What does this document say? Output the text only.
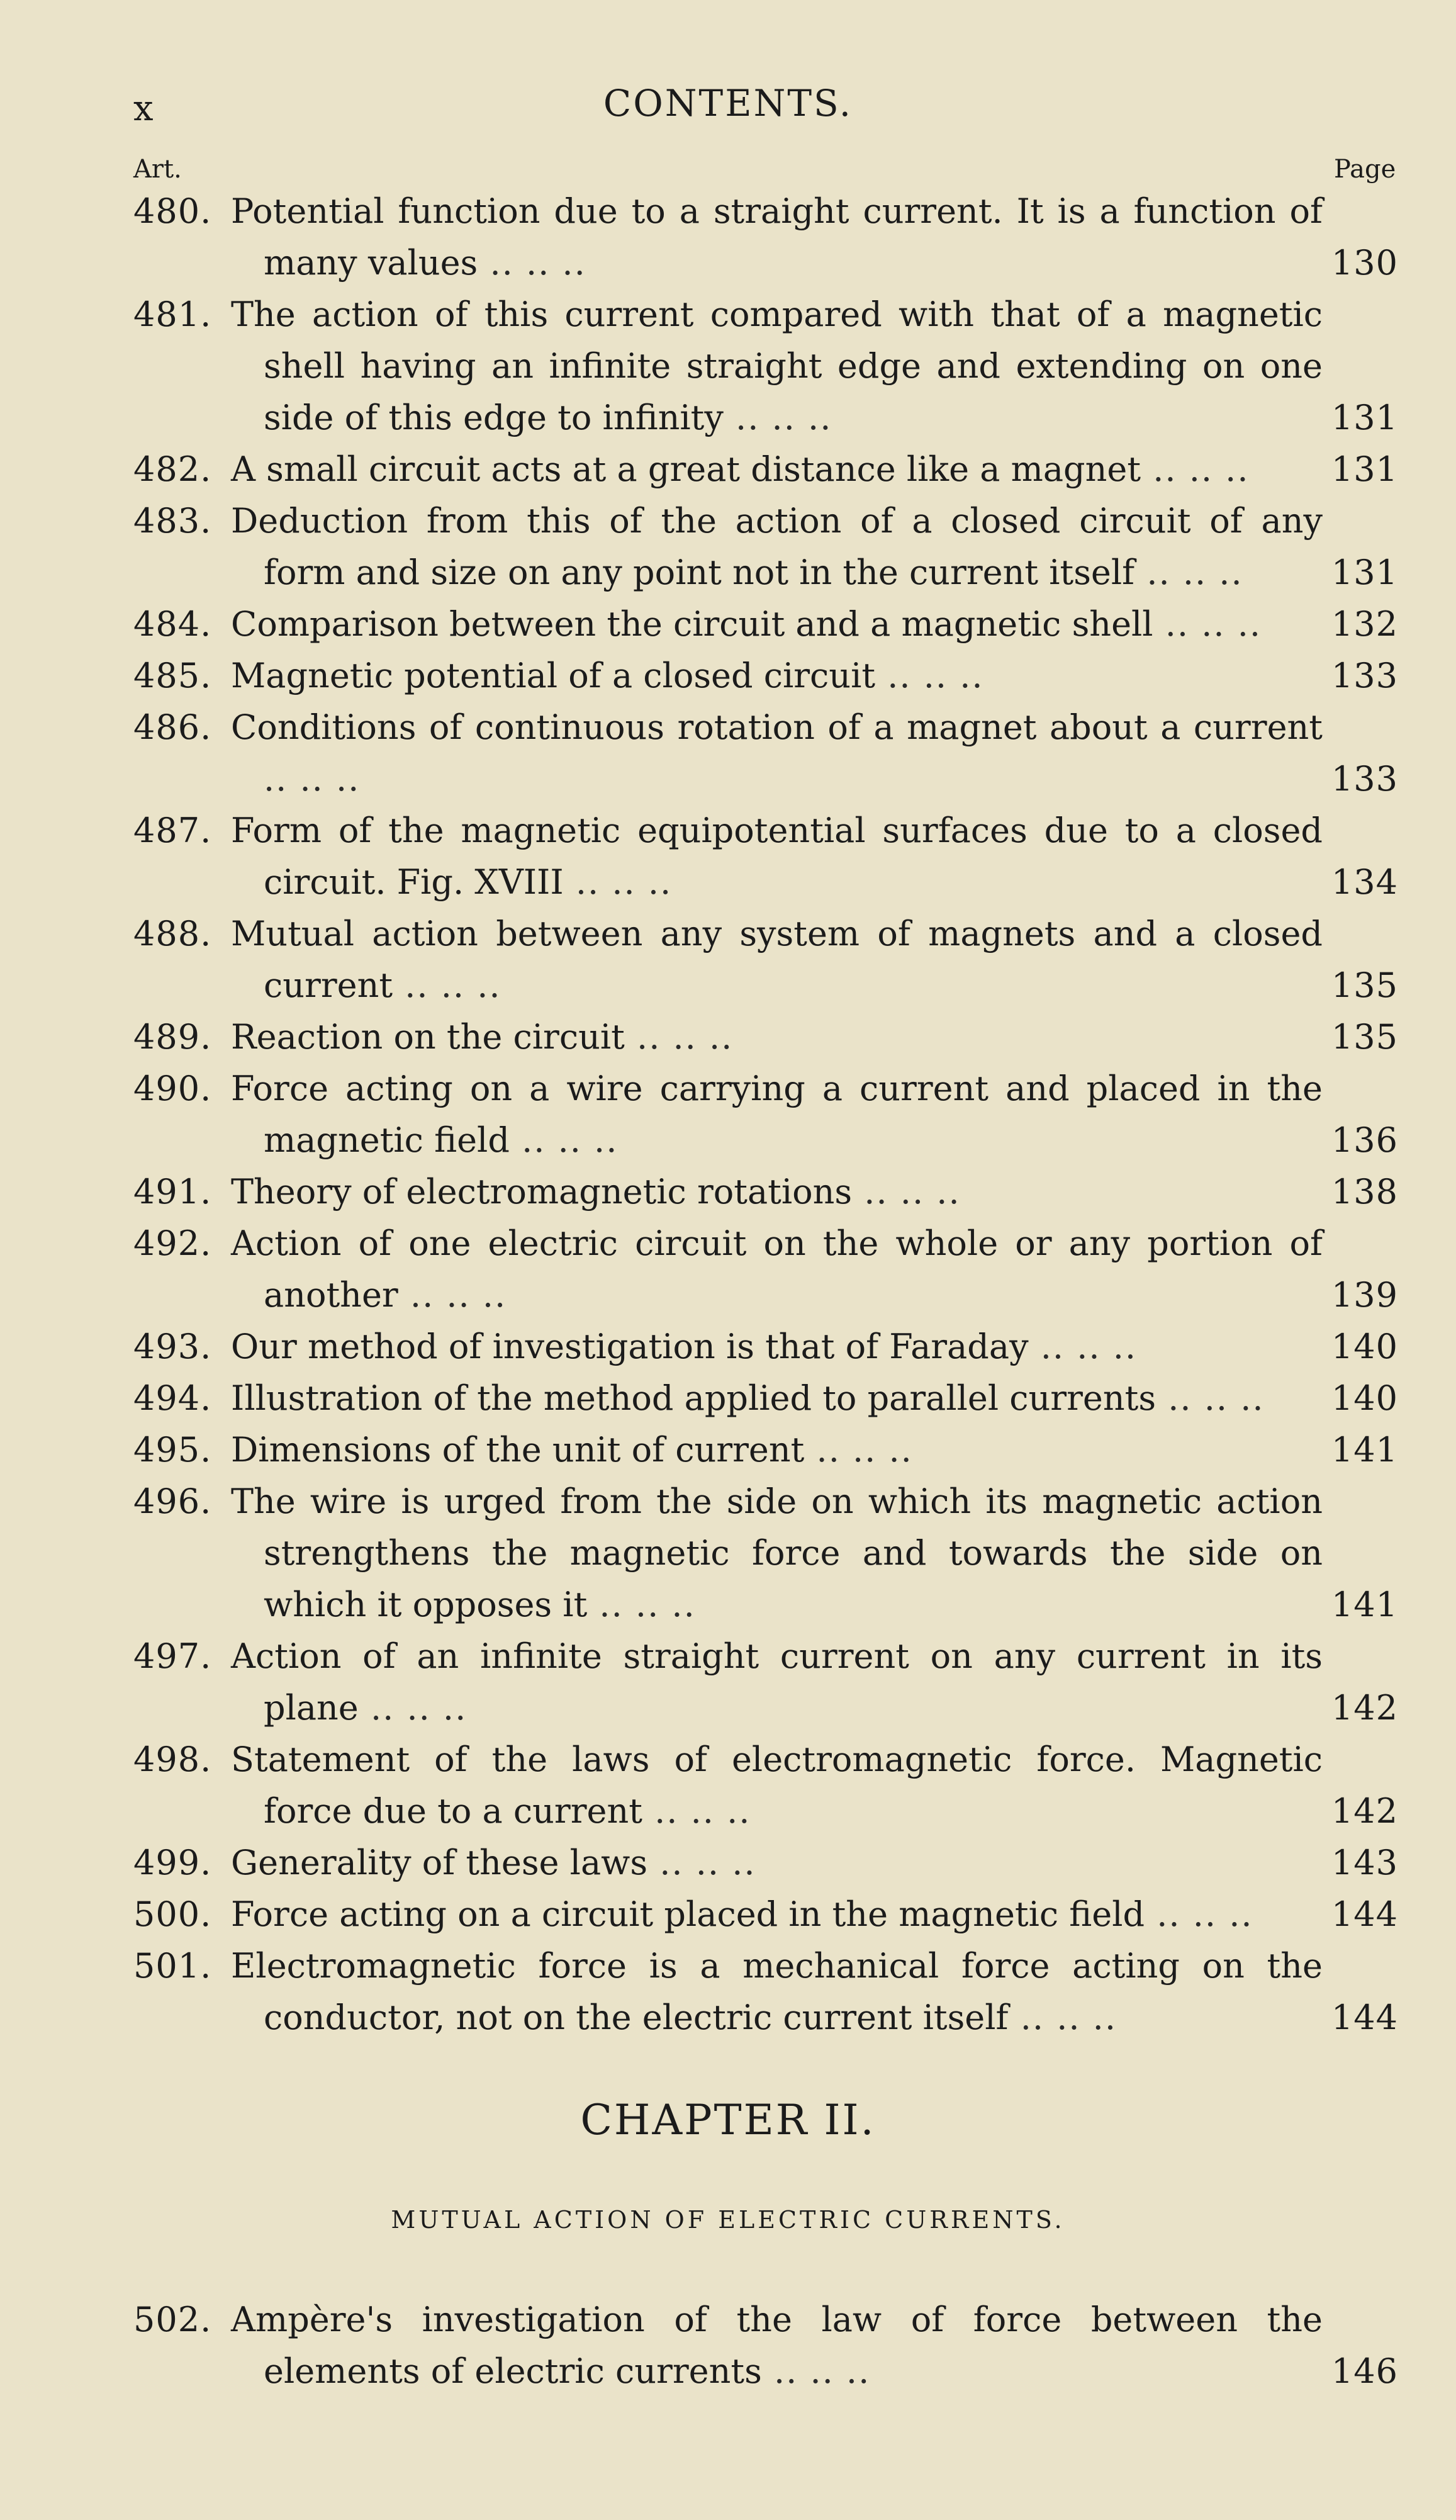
x	CONTENTS.
Art.	Page
480. Potential function due to a straight current. It is a function of many values .. .. ..	130
481. The action of this current compared with that of a magnetic shell having an infinite straight edge and extending on one side of this edge to infinity .. .. ..	131
482. A small circuit acts at a great distance like a magnet .. .. ..	131
483. Deduction from this of the action of a closed circuit of any form and size on any point not in the current itself .. .. ..	131
484. Comparison between the circuit and a magnetic shell .. .. ..	132
485. Magnetic potential of a closed circuit .. .. ..	133
486. Conditions of continuous rotation of a magnet about a current .. .. ..	133
487. Form of the magnetic equipotential surfaces due to a closed circuit. Fig. XVIII .. .. ..	134
488. Mutual action between any system of magnets and a closed current .. .. ..	135
489. Reaction on the circuit .. .. ..	135
490. Force acting on a wire carrying a current and placed in the magnetic field .. .. ..	136
491. Theory of electromagnetic rotations .. .. ..	138
492. Action of one electric circuit on the whole or any portion of another .. .. ..	139
493. Our method of investigation is that of Faraday .. .. ..	140
494. Illustration of the method applied to parallel currents .. .. ..	140
495. Dimensions of the unit of current .. .. ..	141
496. The wire is urged from the side on which its magnetic action strengthens the magnetic force and towards the side on which it opposes it .. .. ..	141
497. Action of an infinite straight current on any current in its plane .. .. ..	142
498. Statement of the laws of electromagnetic force. Magnetic force due to a current .. .. ..	142
499. Generality of these laws .. .. ..	143
500. Force acting on a circuit placed in the magnetic field .. .. ..	144
501. Electromagnetic force is a mechanical force acting on the conductor, not on the electric current itself .. .. ..	144
CHAPTER II.
MUTUAL ACTION OF ELECTRIC CURRENTS.
502. Ampère's investigation of the law of force between the elements of electric currents .. .. ..	146
